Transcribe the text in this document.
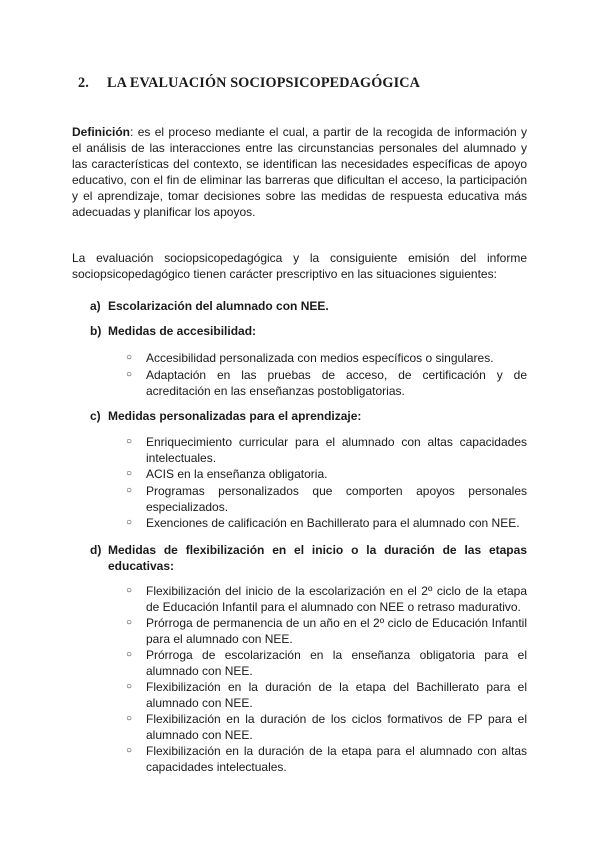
2. LA EVALUACIÓN SOCIOPSICOPEDAGÓGICA
Definición: es el proceso mediante el cual, a partir de la recogida de información y
el análisis de las interacciones entre las circunstancias personales del alumnado y
las características del contexto, se identifican las necesidades específicas de apoyo
educativo, con el fin de eliminar las barreras que dificultan el acceso, la participación
y el aprendizaje, tomar decisiones sobre las medidas de respuesta educativa más
adecuadas y planificar los apoyos.
La evaluación sociopsicopedagógica y la consiguiente emisión del informe
sociopsicopedagógico tienen carácter prescriptivo en las situaciones siguientes:
a) Escolarización del alumnado con NEE.
b) Medidas de accesibilidad:
○ Accesibilidad personalizada con medios específicos o singulares.
○ Adaptación en las pruebas de acceso, de certificación y de
acreditación en las enseñanzas postobligatorias.
c) Medidas personalizadas para el aprendizaje:
○ Enriquecimiento curricular para el alumnado con altas capacidades
intelectuales.
○ ACIS en la enseñanza obligatoria.
○ Programas personalizados que comporten apoyos personales
especializados.
○ Exenciones de calificación en Bachillerato para el alumnado con NEE.
d) Medidas de flexibilización en el inicio o la duración de las etapas
educativas:
○ Flexibilización del inicio de la escolarización en el 2º ciclo de la etapa
de Educación Infantil para el alumnado con NEE o retraso madurativo.
○ Prórroga de permanencia de un año en el 2º ciclo de Educación Infantil
para el alumnado con NEE.
○ Prórroga de escolarización en la enseñanza obligatoria para el
alumnado con NEE.
○ Flexibilización en la duración de la etapa del Bachillerato para el
alumnado con NEE.
○ Flexibilización en la duración de los ciclos formativos de FP para el
alumnado con NEE.
○ Flexibilización en la duración de la etapa para el alumnado con altas
capacidades intelectuales.
